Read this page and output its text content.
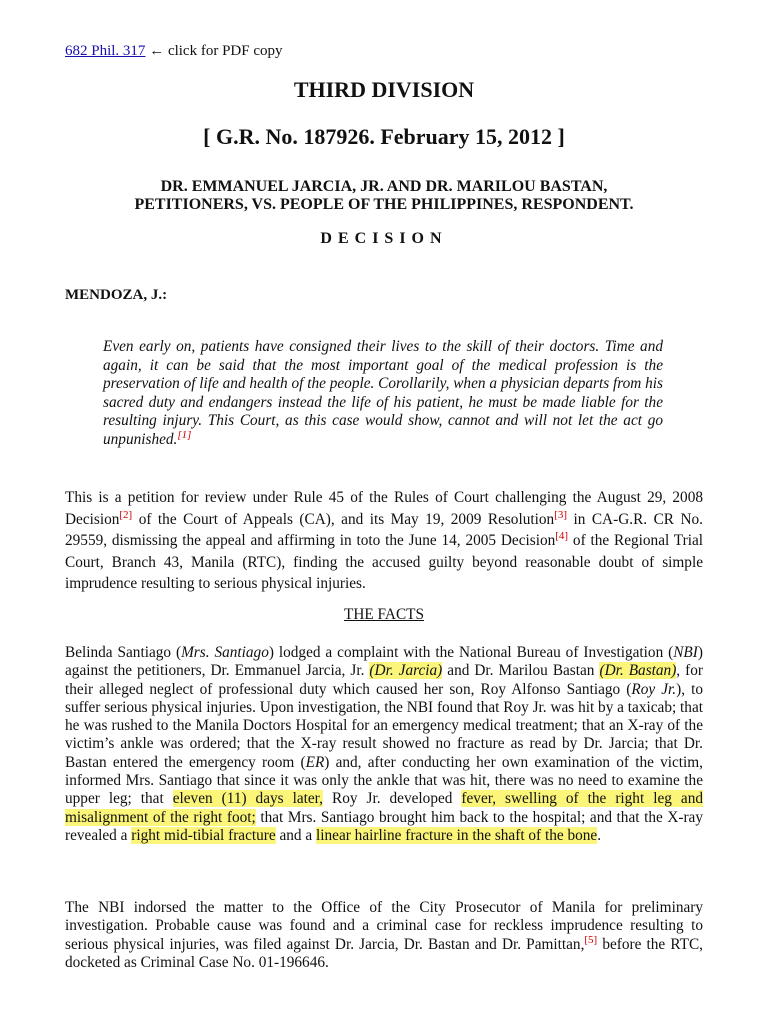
682 Phil. 317 ← click for PDF copy
THIRD DIVISION
[ G.R. No. 187926. February 15, 2012 ]
DR. EMMANUEL JARCIA, JR. AND DR. MARILOU BASTAN,
PETITIONERS, VS. PEOPLE OF THE PHILIPPINES, RESPONDENT.
DECISION
MENDOZA, J.:
Even early on, patients have consigned their lives to the skill of their doctors. Time and again, it can be said that the most important goal of the medical profession is the preservation of life and health of the people. Corollarily, when a physician departs from his sacred duty and endangers instead the life of his patient, he must be made liable for the resulting injury. This Court, as this case would show, cannot and will not let the act go unpunished.[1]
This is a petition for review under Rule 45 of the Rules of Court challenging the August 29, 2008 Decision[2] of the Court of Appeals (CA), and its May 19, 2009 Resolution[3] in CA-G.R. CR No. 29559, dismissing the appeal and affirming in toto the June 14, 2005 Decision[4] of the Regional Trial Court, Branch 43, Manila (RTC), finding the accused guilty beyond reasonable doubt of simple imprudence resulting to serious physical injuries.
THE FACTS
Belinda Santiago (Mrs. Santiago) lodged a complaint with the National Bureau of Investigation (NBI) against the petitioners, Dr. Emmanuel Jarcia, Jr. (Dr. Jarcia) and Dr. Marilou Bastan (Dr. Bastan), for their alleged neglect of professional duty which caused her son, Roy Alfonso Santiago (Roy Jr.), to suffer serious physical injuries. Upon investigation, the NBI found that Roy Jr. was hit by a taxicab; that he was rushed to the Manila Doctors Hospital for an emergency medical treatment; that an X-ray of the victim’s ankle was ordered; that the X-ray result showed no fracture as read by Dr. Jarcia; that Dr. Bastan entered the emergency room (ER) and, after conducting her own examination of the victim, informed Mrs. Santiago that since it was only the ankle that was hit, there was no need to examine the upper leg; that eleven (11) days later, Roy Jr. developed fever, swelling of the right leg and misalignment of the right foot; that Mrs. Santiago brought him back to the hospital; and that the X-ray revealed a right mid-tibial fracture and a linear hairline fracture in the shaft of the bone.
The NBI indorsed the matter to the Office of the City Prosecutor of Manila for preliminary investigation. Probable cause was found and a criminal case for reckless imprudence resulting to serious physical injuries, was filed against Dr. Jarcia, Dr. Bastan and Dr. Pamittan,[5] before the RTC, docketed as Criminal Case No. 01-196646.
